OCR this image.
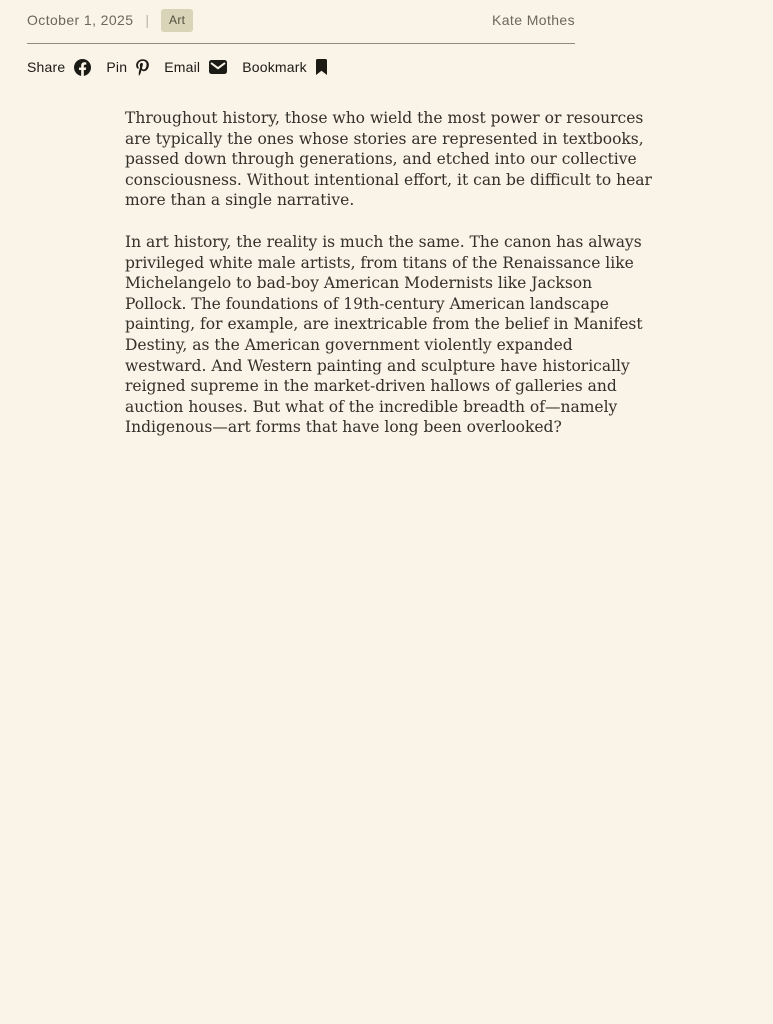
October 1, 2025 |	Art	Kate Mothes
Share	Pin	Email	Bookmark

Throughout history, those who wield the most power or resources are typically the ones whose stories are represented in textbooks, passed down through generations, and etched into our collective consciousness. Without intentional effort, it can be difficult to hear more than a single narrative.

In art history, the reality is much the same. The canon has always privileged white male artists, from titans of the Renaissance like Michelangelo to bad-boy American Modernists like Jackson Pollock. The foundations of 19th-century American landscape painting, for example, are inextricable from the belief in Manifest Destiny, as the American government violently expanded westward. And Western painting and sculpture have historically reigned supreme in the market-driven hallows of galleries and auction houses. But what of the incredible breadth of—namely Indigenous—art forms that have long been overlooked?
